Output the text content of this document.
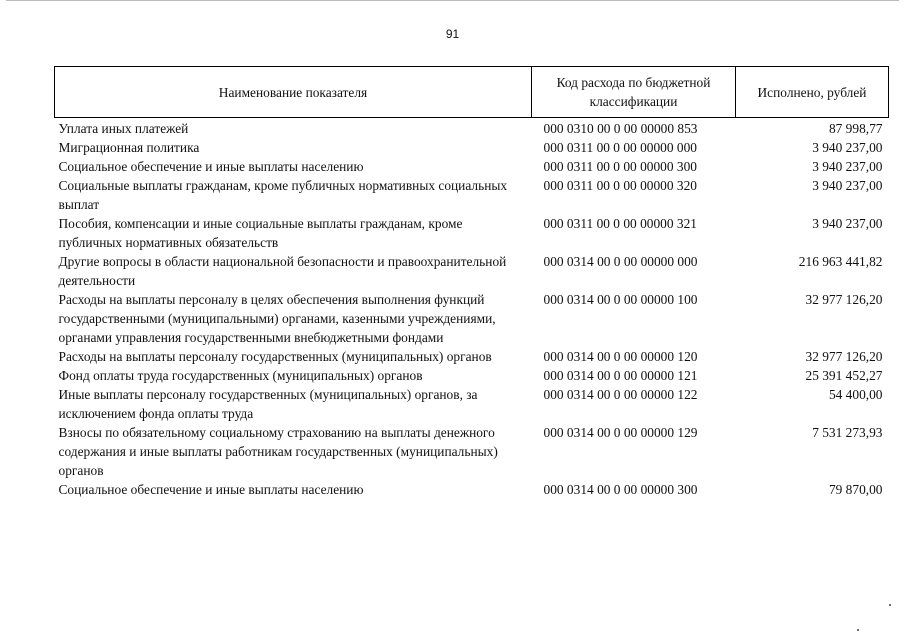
91
Наименование показателя	Код расхода по бюджетной классификации	Исполнено, рублей
Уплата иных платежей	000 0310 00 0 00 00000 853	87 998,77
Миграционная политика	000 0311 00 0 00 00000 000	3 940 237,00
Социальное обеспечение и иные выплаты населению	000 0311 00 0 00 00000 300	3 940 237,00
Социальные выплаты гражданам, кроме публичных нормативных социальных выплат	000 0311 00 0 00 00000 320	3 940 237,00
Пособия, компенсации и иные социальные выплаты гражданам, кроме публичных нормативных обязательств	000 0311 00 0 00 00000 321	3 940 237,00
Другие вопросы в области национальной безопасности и правоохранительной деятельности	000 0314 00 0 00 00000 000	216 963 441,82
Расходы на выплаты персоналу в целях обеспечения выполнения функций государственными (муниципальными) органами, казенными учреждениями, органами управления государственными внебюджетными фондами	000 0314 00 0 00 00000 100	32 977 126,20
Расходы на выплаты персоналу государственных (муниципальных) органов	000 0314 00 0 00 00000 120	32 977 126,20
Фонд оплаты труда государственных (муниципальных) органов	000 0314 00 0 00 00000 121	25 391 452,27
Иные выплаты персоналу государственных (муниципальных) органов, за исключением фонда оплаты труда	000 0314 00 0 00 00000 122	54 400,00
Взносы по обязательному социальному страхованию на выплаты денежного содержания и иные выплаты работникам государственных (муниципальных) органов	000 0314 00 0 00 00000 129	7 531 273,93
Социальное обеспечение и иные выплаты населению	000 0314 00 0 00 00000 300	79 870,00
